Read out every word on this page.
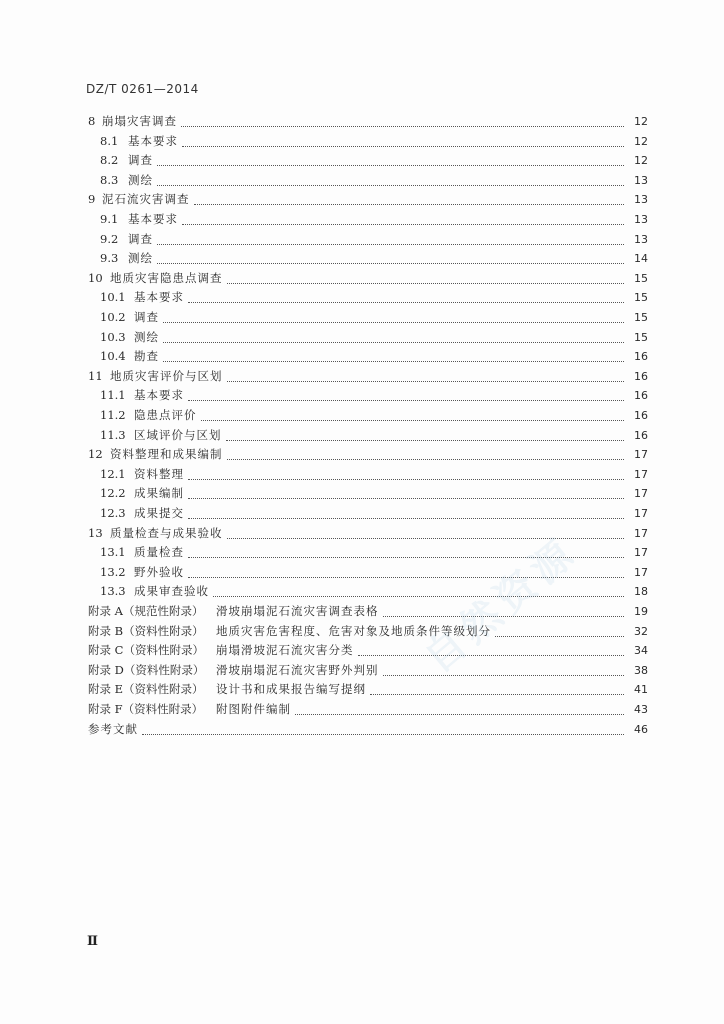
DZ/T 0261—2014
8 崩塌灾害调查	12
8.1 基本要求	12
8.2 调查	12
8.3 测绘	13
9 泥石流灾害调查	13
9.1 基本要求	13
9.2 调查	13
9.3 测绘	14
10 地质灾害隐患点调查	15
10.1 基本要求	15
10.2 调查	15
10.3 测绘	15
10.4 勘查	16
11 地质灾害评价与区划	16
11.1 基本要求	16
11.2 隐患点评价	16
11.3 区域评价与区划	16
12 资料整理和成果编制	17
12.1 资料整理	17
12.2 成果编制	17
12.3 成果提交	17
13 质量检查与成果验收	17
13.1 质量检查	17
13.2 野外验收	17
13.3 成果审查验收	18
附录 A（规范性附录）	滑坡崩塌泥石流灾害调查表格	19
附录 B（资料性附录）	地质灾害危害程度、危害对象及地质条件等级划分	32
附录 C（资料性附录）	崩塌滑坡泥石流灾害分类	34
附录 D（资料性附录）	滑坡崩塌泥石流灾害野外判别	38
附录 E（资料性附录）	设计书和成果报告编写提纲	41
附录 F（资料性附录）	附图附件编制	43
参考文献	46
Ⅱ
自然资源
